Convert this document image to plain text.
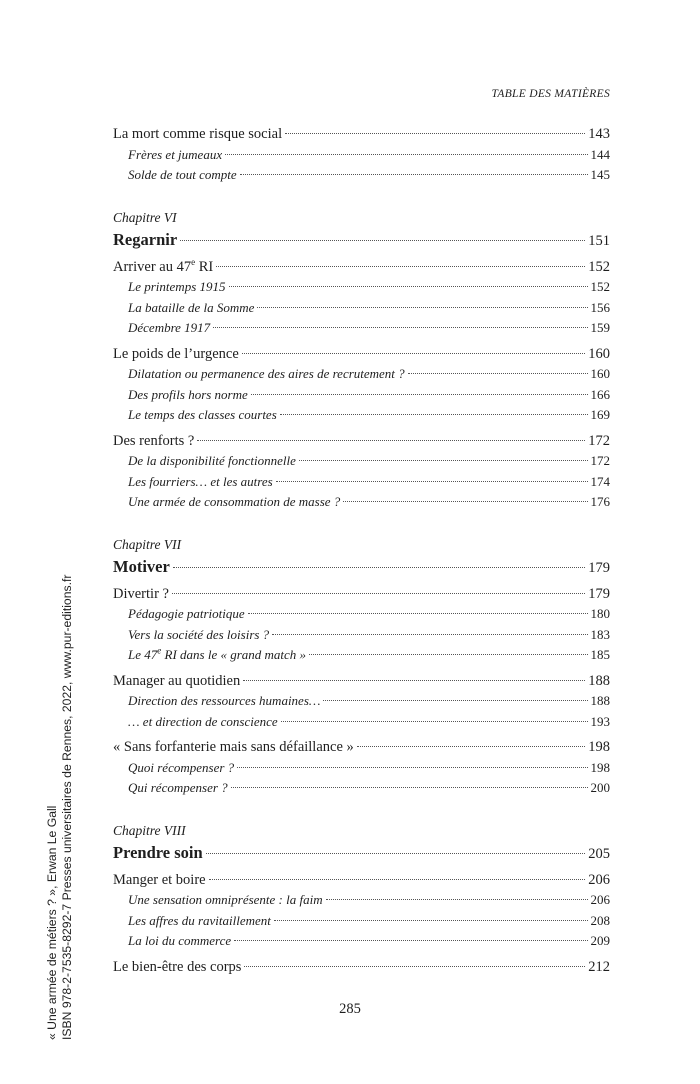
TABLE DES MATIÈRES
La mort comme risque social	143
Frères et jumeaux	144
Solde de tout compte	145
Chapitre VI
Regarnir	151
Arriver au 47e RI	152
Le printemps 1915	152
La bataille de la Somme	156
Décembre 1917	159
Le poids de l’urgence	160
Dilatation ou permanence des aires de recrutement ?	160
Des profils hors norme	166
Le temps des classes courtes	169
Des renforts ?	172
De la disponibilité fonctionnelle	172
Les fourriers… et les autres	174
Une armée de consommation de masse ?	176
Chapitre VII
Motiver	179
Divertir ?	179
Pédagogie patriotique	180
Vers la société des loisirs ?	183
Le 47e RI dans le « grand match »	185
Manager au quotidien	188
Direction des ressources humaines…	188
… et direction de conscience	193
« Sans forfanterie mais sans défaillance »	198
Quoi récompenser ?	198
Qui récompenser ?	200
Chapitre VIII
Prendre soin	205
Manger et boire	206
Une sensation omniprésente : la faim	206
Les affres du ravitaillement	208
La loi du commerce	209
Le bien-être des corps	212
285
« Une armée de métiers ? », Erwan Le Gall ISBN 978-2-7535-8292-7 Presses universitaires de Rennes, 2022, www.pur-editions.fr
